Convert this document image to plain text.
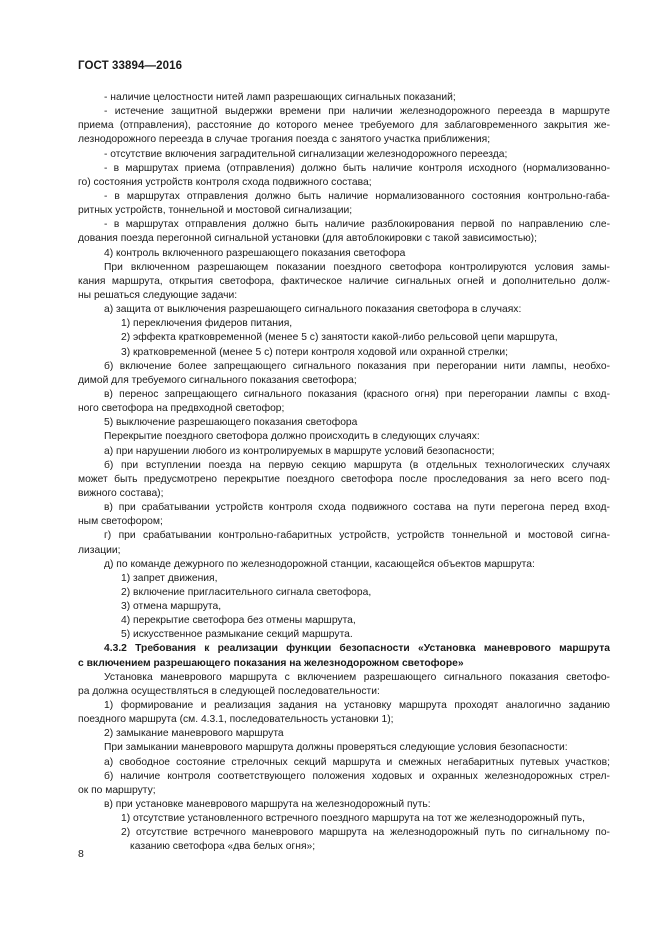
ГОСТ 33894—2016
- наличие целостности нитей ламп разрешающих сигнальных показаний;
- истечение защитной выдержки времени при наличии железнодорожного переезда в маршруте
приема (отправления), расстояние до которого менее требуемого для заблаговременного закрытия же-
лезнодорожного переезда в случае трогания поезда с занятого участка приближения;
- отсутствие включения заградительной сигнализации железнодорожного переезда;
- в маршрутах приема (отправления) должно быть наличие контроля исходного (нормализованно-
го) состояния устройств контроля схода подвижного состава;
- в маршрутах отправления должно быть наличие нормализованного состояния контрольно-габа-
ритных устройств, тоннельной и мостовой сигнализации;
- в маршрутах отправления должно быть наличие разблокирования первой по направлению сле-
дования поезда перегонной сигнальной установки (для автоблокировки с такой зависимостью);
4) контроль включенного разрешающего показания светофора
При включенном разрешающем показании поездного светофора контролируются условия замы-
кания маршрута, открытия светофора, фактическое наличие сигнальных огней и дополнительно долж-
ны решаться следующие задачи:
а) защита от выключения разрешающего сигнального показания светофора в случаях:
1) переключения фидеров питания,
2) эффекта кратковременной (менее 5 с) занятости какой-либо рельсовой цепи маршрута,
3) кратковременной (менее 5 с) потери контроля ходовой или охранной стрелки;
б) включение более запрещающего сигнального показания при перегорании нити лампы, необхо-
димой для требуемого сигнального показания светофора;
в) перенос запрещающего сигнального показания (красного огня) при перегорании лампы с вход-
ного светофора на предвходной светофор;
5) выключение разрешающего показания светофора
Перекрытие поездного светофора должно происходить в следующих случаях:
а) при нарушении любого из контролируемых в маршруте условий безопасности;
б) при вступлении поезда на первую секцию маршрута (в отдельных технологических случаях
может быть предусмотрено перекрытие поездного светофора после проследования за него всего под-
вижного состава);
в) при срабатывании устройств контроля схода подвижного состава на пути перегона перед вход-
ным светофором;
г) при срабатывании контрольно-габаритных устройств, устройств тоннельной и мостовой сигна-
лизации;
д) по команде дежурного по железнодорожной станции, касающейся объектов маршрута:
1) запрет движения,
2) включение пригласительного сигнала светофора,
3) отмена маршрута,
4) перекрытие светофора без отмены маршрута,
5) искусственное размыкание секций маршрута.
4.3.2 Требования к реализации функции безопасности «Установка маневрового маршрута
с включением разрешающего показания на железнодорожном светофоре»
Установка маневрового маршрута с включением разрешающего сигнального показания светофо-
ра должна осуществляться в следующей последовательности:
1) формирование и реализация задания на установку маршрута проходят аналогично заданию
поездного маршрута (см. 4.3.1, последовательность установки 1);
2) замыкание маневрового маршрута
При замыкании маневрового маршрута должны проверяться следующие условия безопасности:
а) свободное состояние стрелочных секций маршрута и смежных негабаритных путевых участков;
б) наличие контроля соответствующего положения ходовых и охранных железнодорожных стрел-
ок по маршруту;
в) при установке маневрового маршрута на железнодорожный путь:
1) отсутствие установленного встречного поездного маршрута на тот же железнодорожный путь,
2) отсутствие встречного маневрового маршрута на железнодорожный путь по сигнальному по-
казанию светофора «два белых огня»;
8
